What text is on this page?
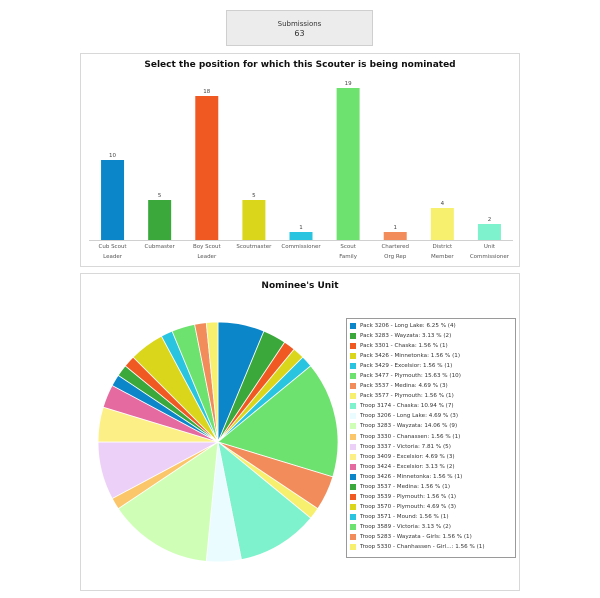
Submissions
63
Select the position for which this Scouter is being nominated
10
Cub Scout
Leader
5
Cubmaster
18
Boy Scout
Leader
5
Scoutmaster
1
Commissioner
19
Scout
Family
1
Chartered
Org Rep
4
District
Member
2
Unit
Commissioner
Nominee's Unit
Pack 3206 - Long Lake: 6.25 % (4)
Pack 3283 - Wayzata: 3.13 % (2)
Pack 3301 - Chaska: 1.56 % (1)
Pack 3426 - Minnetonka: 1.56 % (1)
Pack 3429 - Excelsior: 1.56 % (1)
Pack 3477 - Plymouth: 15.63 % (10)
Pack 3537 - Medina: 4.69 % (3)
Pack 3577 - Plymouth: 1.56 % (1)
Troop 3174 - Chaska: 10.94 % (7)
Troop 3206 - Long Lake: 4.69 % (3)
Troop 3283 - Wayzata: 14.06 % (9)
Troop 3330 - Chanassen: 1.56 % (1)
Troop 3337 - Victoria: 7.81 % (5)
Troop 3409 - Excelsior: 4.69 % (3)
Troop 3424 - Excelsior: 3.13 % (2)
Troop 3426 - Minnetonka: 1.56 % (1)
Troop 3537 - Medina: 1.56 % (1)
Troop 3539 - Plymouth: 1.56 % (1)
Troop 3570 - Plymouth: 4.69 % (3)
Troop 3571 - Mound: 1.56 % (1)
Troop 3589 - Victoria: 3.13 % (2)
Troop 5283 - Wayzata - Girls: 1.56 % (1)
Troop 5330 - Chanhassen - Girl...: 1.56 % (1)
